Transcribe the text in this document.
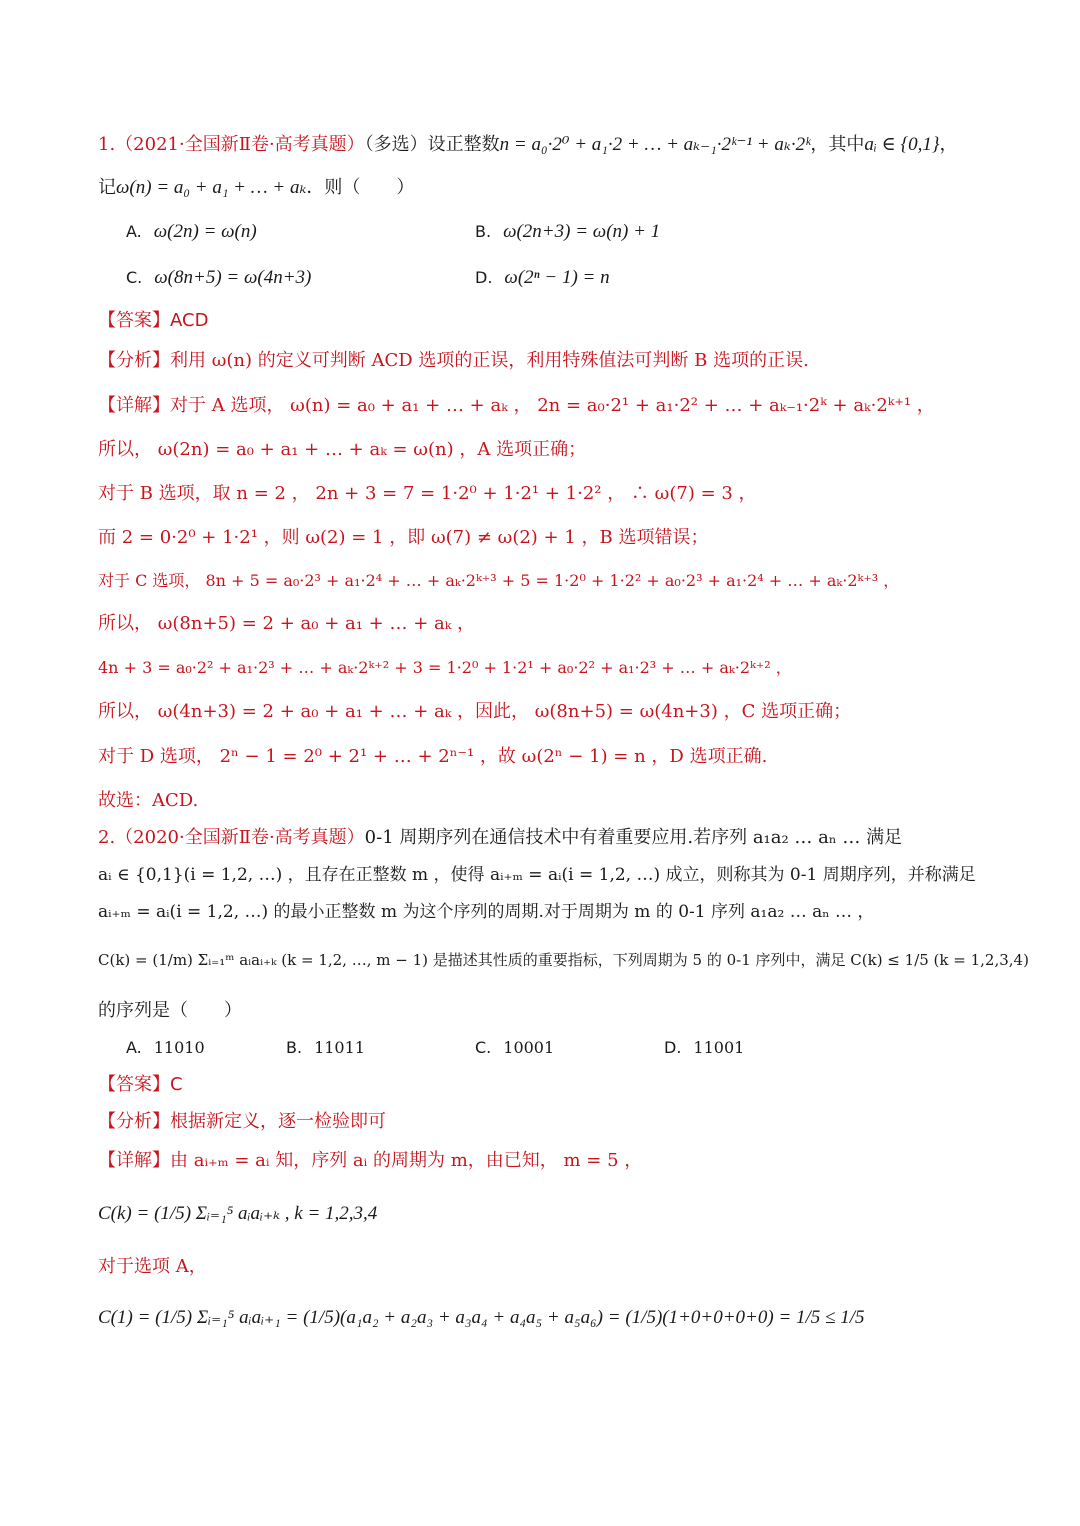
1.（2021·全国新Ⅱ卷·高考真题）（多选）设正整数n = a₀·2⁰ + a₁·2 + … + aₖ₋₁·2ᵏ⁻¹ + aₖ·2ᵏ，其中aᵢ ∈ {0,1}，
记ω(n) = a₀ + a₁ + … + aₖ．则（　　）
A. ω(2n) = ω(n)	B. ω(2n+3) = ω(n) + 1
C. ω(8n+5) = ω(4n+3)	D. ω(2ⁿ − 1) = n
【答案】ACD
【分析】利用 ω(n) 的定义可判断 ACD 选项的正误，利用特殊值法可判断 B 选项的正误.
【详解】对于 A 选项， ω(n) = a₀ + a₁ + … + aₖ ， 2n = a₀·2¹ + a₁·2² + … + aₖ₋₁·2ᵏ + aₖ·2ᵏ⁺¹ ，
所以， ω(2n) = a₀ + a₁ + … + aₖ = ω(n) ，A 选项正确；
对于 B 选项，取 n = 2 ， 2n + 3 = 7 = 1·2⁰ + 1·2¹ + 1·2² ， ∴ ω(7) = 3 ，
而 2 = 0·2⁰ + 1·2¹ ，则 ω(2) = 1 ，即 ω(7) ≠ ω(2) + 1 ，B 选项错误；
对于 C 选项， 8n + 5 = a₀·2³ + a₁·2⁴ + … + aₖ·2ᵏ⁺³ + 5 = 1·2⁰ + 1·2² + a₀·2³ + a₁·2⁴ + … + aₖ·2ᵏ⁺³ ，
所以， ω(8n+5) = 2 + a₀ + a₁ + … + aₖ ，
4n + 3 = a₀·2² + a₁·2³ + … + aₖ·2ᵏ⁺² + 3 = 1·2⁰ + 1·2¹ + a₀·2² + a₁·2³ + … + aₖ·2ᵏ⁺² ，
所以， ω(4n+3) = 2 + a₀ + a₁ + … + aₖ ，因此， ω(8n+5) = ω(4n+3) ，C 选项正确；
对于 D 选项， 2ⁿ − 1 = 2⁰ + 2¹ + … + 2ⁿ⁻¹ ，故 ω(2ⁿ − 1) = n ，D 选项正确.
故选：ACD.
2.（2020·全国新Ⅱ卷·高考真题）0-1 周期序列在通信技术中有着重要应用.若序列 a₁a₂ … aₙ … 满足
aᵢ ∈ {0,1}(i = 1,2, …) ，且存在正整数 m ，使得 aᵢ₊ₘ = aᵢ(i = 1,2, …) 成立，则称其为 0-1 周期序列，并称满足
aᵢ₊ₘ = aᵢ(i = 1,2, …) 的最小正整数 m 为这个序列的周期.对于周期为 m 的 0-1 序列 a₁a₂ … aₙ … ，
C(k) = (1/m) Σᵢ₌₁ᵐ aᵢaᵢ₊ₖ (k = 1,2, …, m − 1) 是描述其性质的重要指标，下列周期为 5 的 0-1 序列中，满足 C(k) ≤ 1/5 (k = 1,2,3,4)
的序列是（　　）
A. 11010	B. 11011	C. 10001	D. 11001
【答案】C
【分析】根据新定义，逐一检验即可
【详解】由 aᵢ₊ₘ = aᵢ 知，序列 aᵢ 的周期为 m，由已知， m = 5 ，
C(k) = (1/5) Σᵢ₌₁⁵ aᵢaᵢ₊ₖ , k = 1,2,3,4
对于选项 A，
C(1) = (1/5) Σᵢ₌₁⁵ aᵢaᵢ₊₁ = (1/5)(a₁a₂ + a₂a₃ + a₃a₄ + a₄a₅ + a₅a₆) = (1/5)(1+0+0+0+0) = 1/5 ≤ 1/5
